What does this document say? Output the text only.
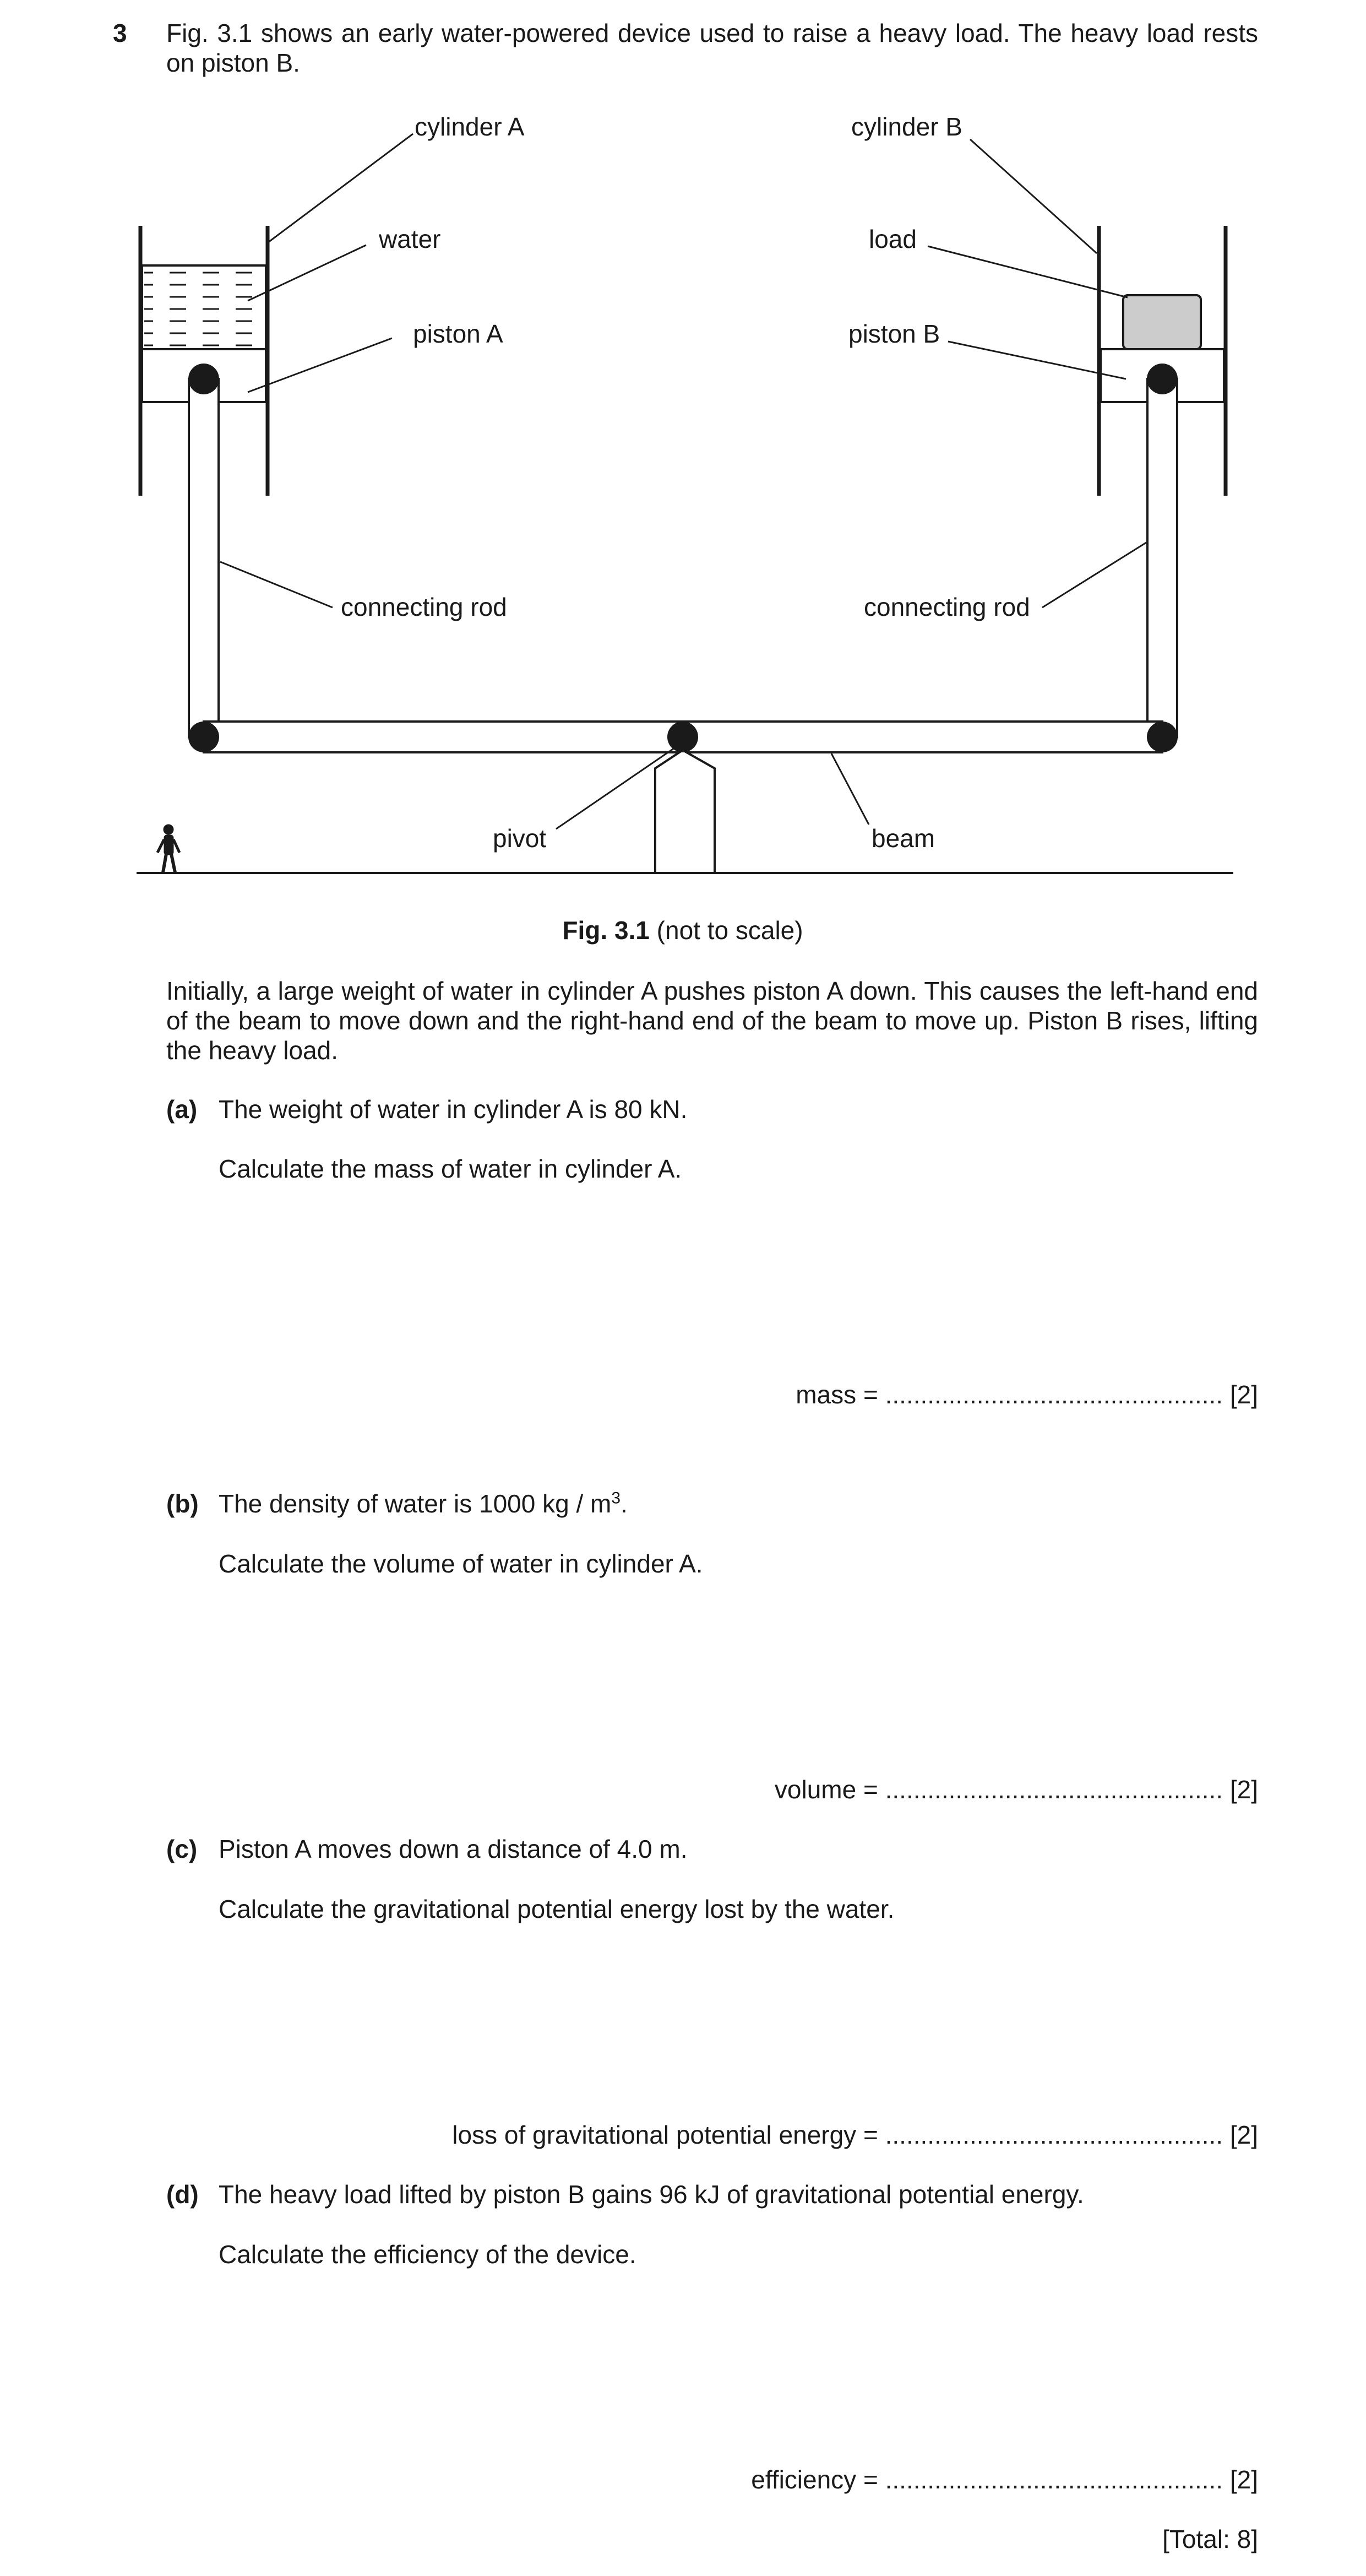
3 Fig. 3.1 shows an early water-powered device used to raise a heavy load. The heavy load rests on piston B.
cylinder A
water
piston A
cylinder B
load
piston B
connecting rod	connecting rod
pivot	beam
Fig. 3.1 (not to scale)
Initially, a large weight of water in cylinder A pushes piston A down. This causes the left-hand end of the beam to move down and the right-hand end of the beam to move up. Piston B rises, lifting the heavy load.
(a) The weight of water in cylinder A is 80 kN.
Calculate the mass of water in cylinder A.
mass = ................................................ [2]
(b) The density of water is 1000 kg / $m^3$.
Calculate the volume of water in cylinder A.
volume = ................................................ [2]
(c) Piston A moves down a distance of 4.0 m.
Calculate the gravitational potential energy lost by the water.
loss of gravitational potential energy = ................................................ [2]
(d) The heavy load lifted by piston B gains 96 kJ of gravitational potential energy.
Calculate the efficiency of the device.
efficiency = ................................................ [2]
[Total: 8]
